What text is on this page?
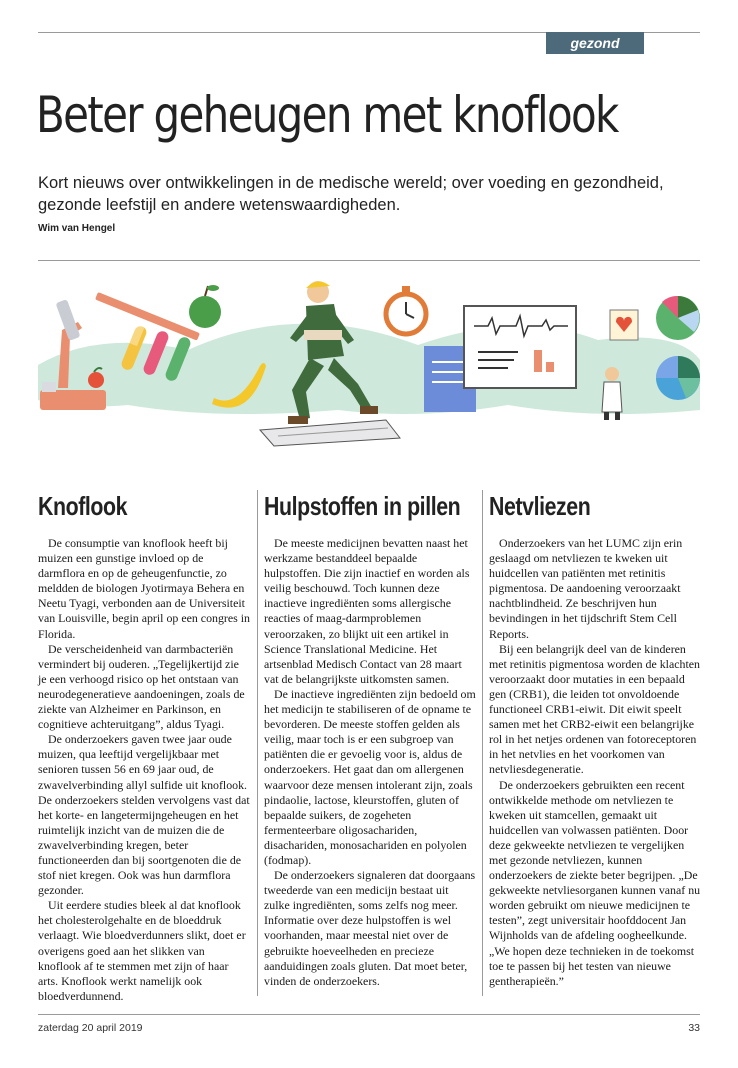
gezond
Beter geheugen met knoflook
Kort nieuws over ontwikkelingen in de medische wereld; over voeding en gezondheid, gezonde leefstijl en andere wetenswaardigheden.
Wim van Hengel
Knoflook

De consumptie van knoflook heeft bij muizen een gunstige invloed op de darmflora en op de geheugenfunctie, zo meldden de biologen Jyotirmaya Behera en Neetu Tyagi, verbonden aan de Universiteit van Louisville, begin april op een congres in Florida.

De verscheidenheid van darmbacteriën vermindert bij ouderen. „Tegelijkertijd zie je een verhoogd risico op het ontstaan van neurodegeneratieve aandoeningen, zoals de ziekte van Alzheimer en Parkinson, en cognitieve achteruitgang”, aldus Tyagi.

De onderzoekers gaven twee jaar oude muizen, qua leeftijd vergelijkbaar met senioren tussen 56 en 69 jaar oud, de zwavelverbinding allyl sulfide uit knoflook. De onderzoekers stelden vervolgens vast dat het korte- en langetermijngeheugen en het ruimtelijk inzicht van de muizen die de zwavelverbinding kregen, beter functioneerden dan bij soortgenoten die de stof niet kregen. Ook was hun darmflora gezonder.

Uit eerdere studies bleek al dat knoflook het cholesterolgehalte en de bloeddruk verlaagt. Wie bloedverdunners slikt, doet er overigens goed aan het slikken van knoflook af te stemmen met zijn of haar arts. Knoflook werkt namelijk ook bloedverdunnend.

Hulpstoffen in pillen

De meeste medicijnen bevatten naast het werkzame bestanddeel bepaalde hulpstoffen. Die zijn inactief en worden als veilig beschouwd. Toch kunnen deze inactieve ingrediënten soms allergische reacties of maag-darmproblemen veroorzaken, zo blijkt uit een artikel in Science Translational Medicine. Het artsenblad Medisch Contact van 28 maart vat de belangrijkste uitkomsten samen.

De inactieve ingrediënten zijn bedoeld om het medicijn te stabiliseren of de opname te bevorderen. De meeste stoffen gelden als veilig, maar toch is er een subgroep van patiënten die er gevoelig voor is, aldus de onderzoekers. Het gaat dan om allergenen waarvoor deze mensen intolerant zijn, zoals pindaolie, lactose, kleurstoffen, gluten of bepaalde suikers, de zogeheten fermenteerbare oligosachariden, disachariden, monosachariden en polyolen (fodmap).

De onderzoekers signaleren dat doorgaans tweederde van een medicijn bestaat uit zulke ingrediënten, soms zelfs nog meer. Informatie over deze hulpstoffen is wel voorhanden, maar meestal niet over de gebruikte hoeveelheden en precieze aanduidingen zoals gluten. Dat moet beter, vinden de onderzoekers.

Netvliezen

Onderzoekers van het LUMC zijn erin geslaagd om netvliezen te kweken uit huidcellen van patiënten met retinitis pigmentosa. De aandoening veroorzaakt nachtblindheid. Ze beschrijven hun bevindingen in het tijdschrift Stem Cell Reports.

Bij een belangrijk deel van de kinderen met retinitis pigmentosa worden de klachten veroorzaakt door mutaties in een bepaald gen (CRB1), die leiden tot onvoldoende functioneel CRB1-eiwit. Dit eiwit speelt samen met het CRB2-eiwit een belangrijke rol in het netjes ordenen van fotoreceptoren in het netvlies en het voorkomen van netvliesdegeneratie.

De onderzoekers gebruikten een recent ontwikkelde methode om netvliezen te kweken uit stamcellen, gemaakt uit huidcellen van volwassen patiënten. Door deze gekweekte netvliezen te vergelijken met gezonde netvliezen, kunnen onderzoekers de ziekte beter begrijpen. „De gekweekte netvliesorganen kunnen vanaf nu worden gebruikt om nieuwe medicijnen te testen”, zegt universitair hoofddocent Jan Wijnholds van de afdeling oogheelkunde. „We hopen deze technieken in de toekomst toe te passen bij het testen van nieuwe gentherapieën.”

zaterdag 20 april 2019	33
